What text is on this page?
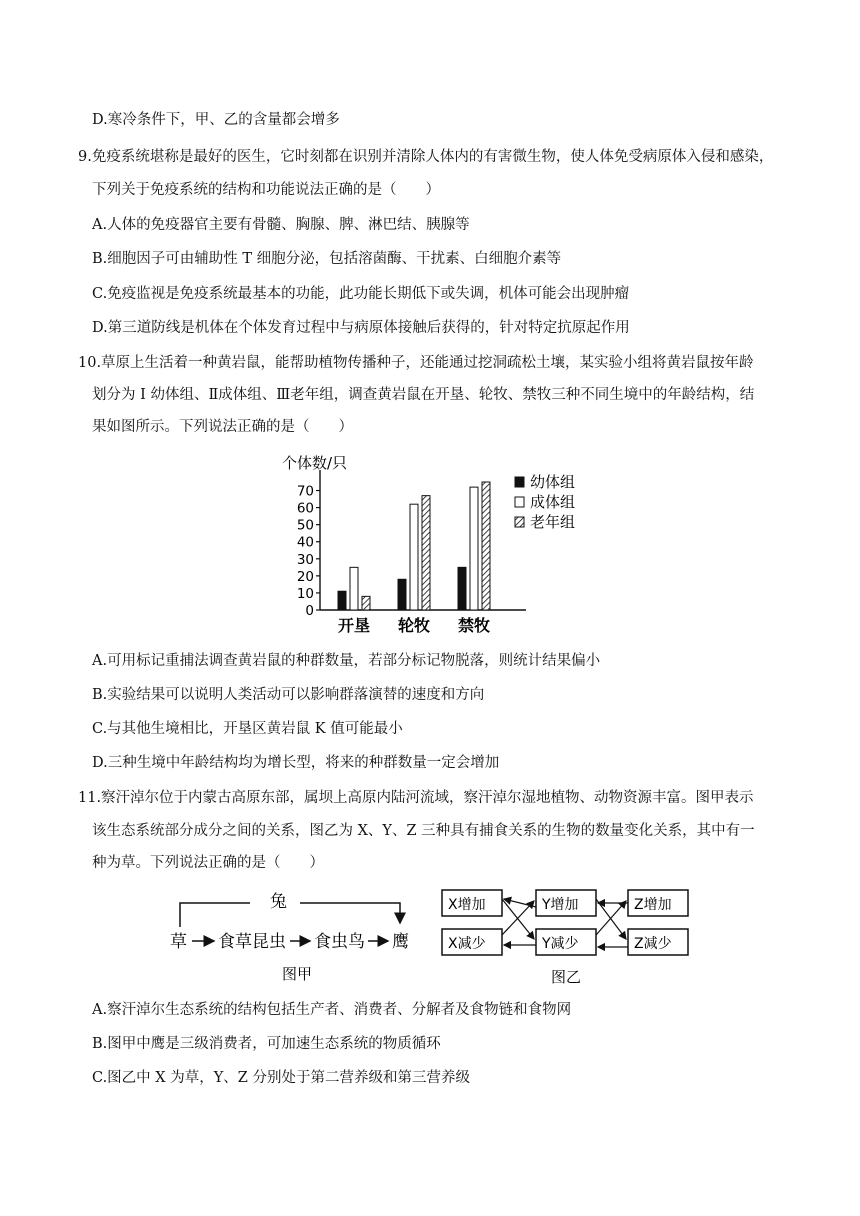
D.寒冷条件下，甲、乙的含量都会增多
9.免疫系统堪称是最好的医生，它时刻都在识别并清除人体内的有害微生物，使人体免受病原体入侵和感染，
下列关于免疫系统的结构和功能说法正确的是（　　）
A.人体的免疫器官主要有骨髓、胸腺、脾、淋巴结、胰腺等
B.细胞因子可由辅助性 T 细胞分泌，包括溶菌酶、干扰素、白细胞介素等
C.免疫监视是免疫系统最基本的功能，此功能长期低下或失调，机体可能会出现肿瘤
D.第三道防线是机体在个体发育过程中与病原体接触后获得的，针对特定抗原起作用
10.草原上生活着一种黄岩鼠，能帮助植物传播种子，还能通过挖洞疏松土壤，某实验小组将黄岩鼠按年龄
划分为 I 幼体组、Ⅱ成体组、Ⅲ老年组，调查黄岩鼠在开垦、轮牧、禁牧三种不同生境中的年龄结构，结
果如图所示。下列说法正确的是（　　）
个体数/只
0
10
20
30
40
50
60
70
开垦 轮牧 禁牧
幼体组
成体组
老年组
A.可用标记重捕法调查黄岩鼠的种群数量，若部分标记物脱落，则统计结果偏小
B.实验结果可以说明人类活动可以影响群落演替的速度和方向
C.与其他生境相比，开垦区黄岩鼠 K 值可能最小
D.三种生境中年龄结构均为增长型，将来的种群数量一定会增加
11.察汗淖尔位于内蒙古高原东部，属坝上高原内陆河流域，察汗淖尔湿地植物、动物资源丰富。图甲表示
该生态系统部分成分之间的关系，图乙为 X、Y、Z 三种具有捕食关系的生物的数量变化关系，其中有一
种为草。下列说法正确的是（　　）
兔
草 食草昆虫 食虫鸟 鹰
图甲
X增加
X减少
Y增加
Y减少
Z增加
Z减少
图乙
A.察汗淖尔生态系统的结构包括生产者、消费者、分解者及食物链和食物网
B.图甲中鹰是三级消费者，可加速生态系统的物质循环
C.图乙中 X 为草，Y、Z 分别处于第二营养级和第三营养级
